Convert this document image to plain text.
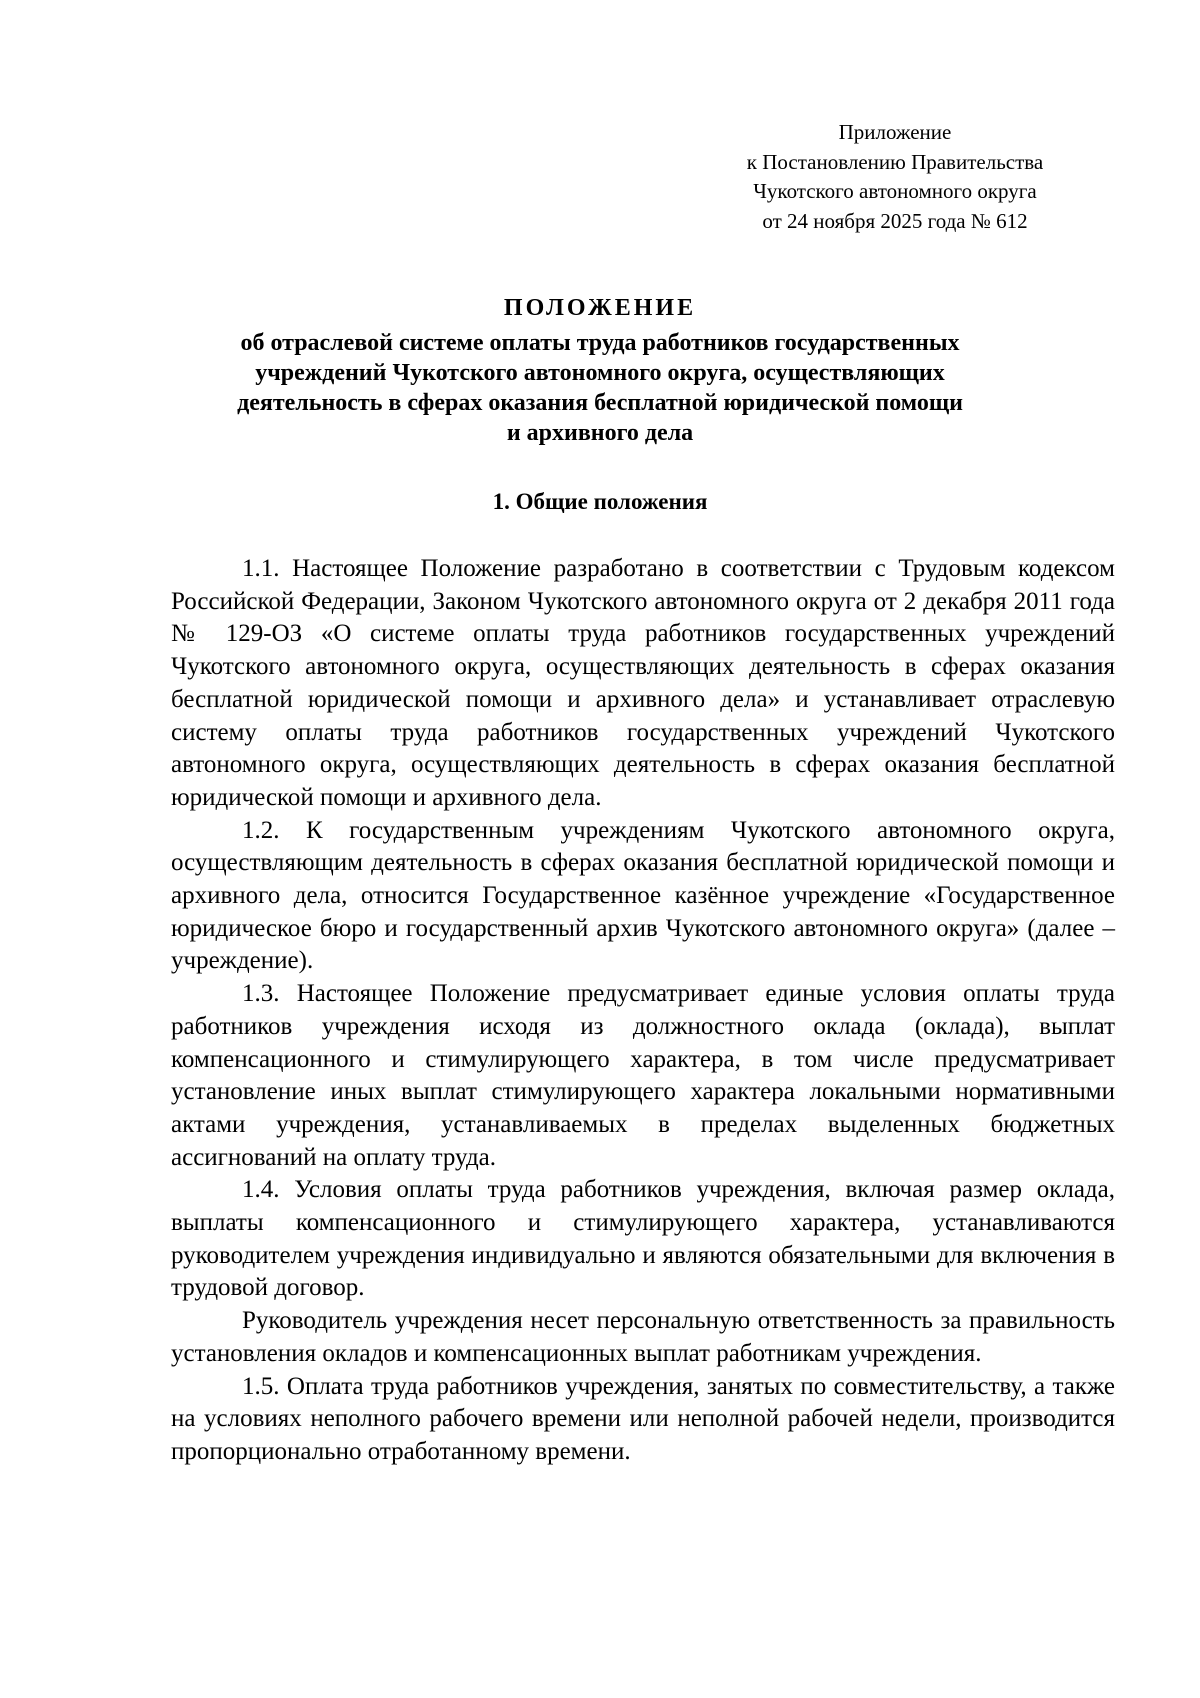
Приложение
к Постановлению Правительства
Чукотского автономного округа
от 24 ноября 2025 года № 612
ПОЛОЖЕНИЕ
об отраслевой системе оплаты труда работников государственных
учреждений Чукотского автономного округа, осуществляющих
деятельность в сферах оказания бесплатной юридической помощи
и архивного дела
1. Общие положения

1.1. Настоящее Положение разработано в соответствии с Трудовым кодексом Российской Федерации, Законом Чукотского автономного округа от 2 декабря 2011 года № 129-ОЗ «О системе оплаты труда работников государственных учреждений Чукотского автономного округа, осуществляющих деятельность в сферах оказания бесплатной юридической помощи и архивного дела» и устанавливает отраслевую систему оплаты труда работников государственных учреждений Чукотского автономного округа, осуществляющих деятельность в сферах оказания бесплатной юридической помощи и архивного дела.

1.2. К государственным учреждениям Чукотского автономного округа, осуществляющим деятельность в сферах оказания бесплатной юридической помощи и архивного дела, относится Государственное казённое учреждение «Государственное юридическое бюро и государственный архив Чукотского автономного округа» (далее – учреждение).

1.3. Настоящее Положение предусматривает единые условия оплаты труда работников учреждения исходя из должностного оклада (оклада), выплат компенсационного и стимулирующего характера, в том числе предусматривает установление иных выплат стимулирующего характера локальными нормативными актами учреждения, устанавливаемых в пределах выделенных бюджетных ассигнований на оплату труда.

1.4. Условия оплаты труда работников учреждения, включая размер оклада, выплаты компенсационного и стимулирующего характера, устанавливаются руководителем учреждения индивидуально и являются обязательными для включения в трудовой договор.

Руководитель учреждения несет персональную ответственность за правильность установления окладов и компенсационных выплат работникам учреждения.

1.5. Оплата труда работников учреждения, занятых по совместительству, а также на условиях неполного рабочего времени или неполной рабочей недели, производится пропорционально отработанному времени.
